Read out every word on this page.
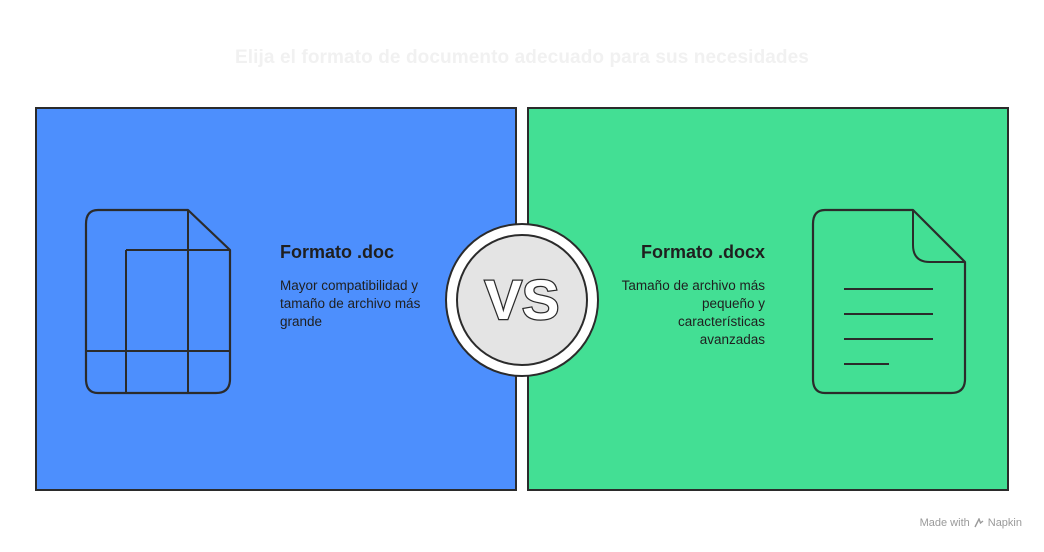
Elija el formato de documento adecuado para sus necesidades
Formato .doc
Mayor compatibilidad y tamaño de archivo más grande
Formato .docx
Tamaño de archivo más pequeño y características avanzadas
VS
Made with Napkin
